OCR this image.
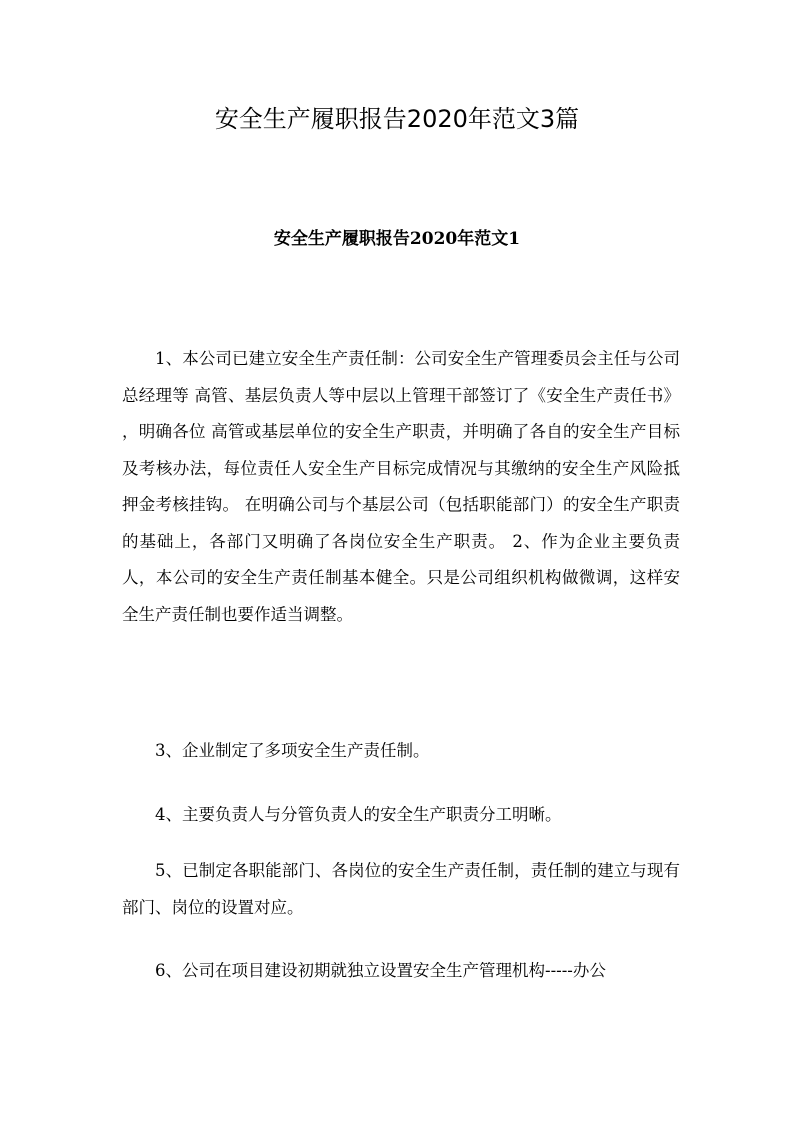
安全生产履职报告2020年范文3篇
安全生产履职报告2020年范文1

1、本公司已建立安全生产责任制：公司安全生产管理委员会主任与公司总经理等 高管、基层负责人等中层以上管理干部签订了《安全生产责任书》 ，明确各位 高管或基层单位的安全生产职责，并明确了各自的安全生产目标及考核办法，每位责任人安全生产目标完成情况与其缴纳的安全生产风险抵押金考核挂钩。 在明确公司与个基层公司（包括职能部门）的安全生产职责的基础上，各部门又明确了各岗位安全生产职责。 2、作为企业主要负责人，本公司的安全生产责任制基本健全。只是公司组织机构做微调，这样安全生产责任制也要作适当调整。

3、企业制定了多项安全生产责任制。

4、主要负责人与分管负责人的安全生产职责分工明晰。

5、已制定各职能部门、各岗位的安全生产责任制，责任制的建立与现有部门、岗位的设置对应。

6、公司在项目建设初期就独立设置安全生产管理机构-----办公
